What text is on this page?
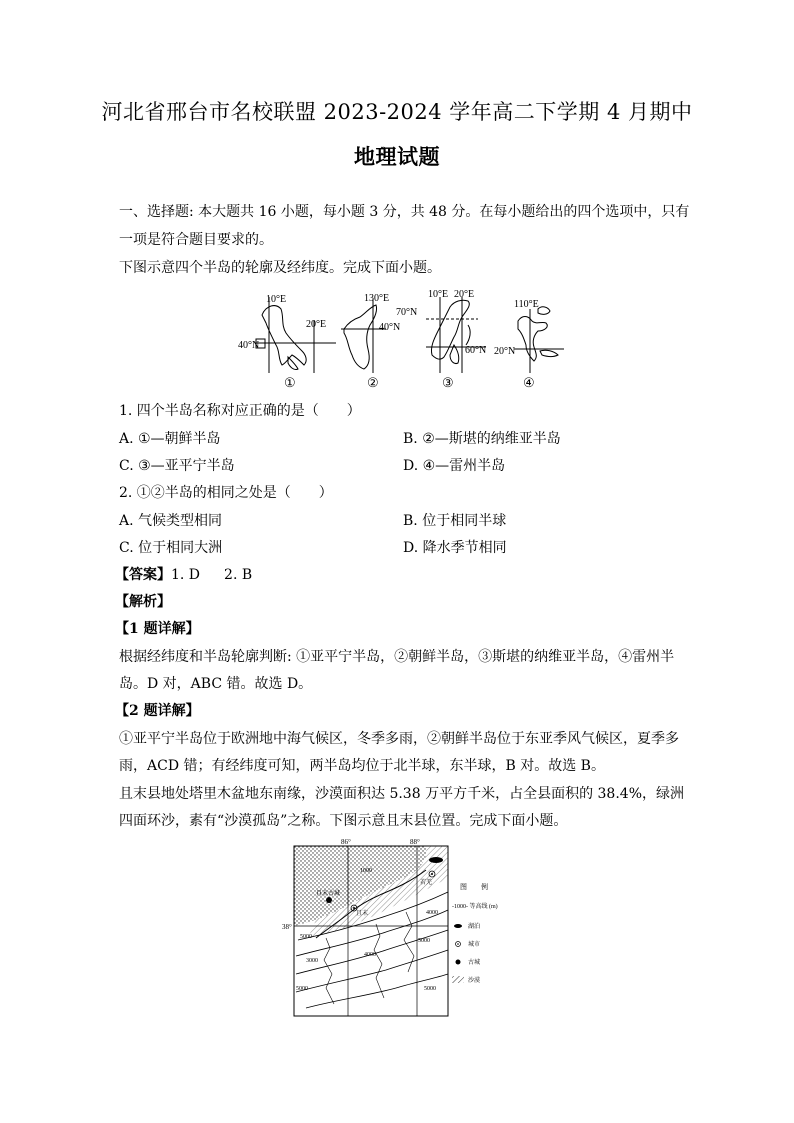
河北省邢台市名校联盟 2023-2024 学年高二下学期 4 月期中
地理试题
一、选择题: 本大题共 16 小题，每小题 3 分，共 48 分。在每小题给出的四个选项中，只有
一项是符合题目要求的。
下图示意四个半岛的轮廓及经纬度。完成下面小题。
10°E
20°E
40°N
①
130°E
40°N
②
10°E 20°E
70°N
60°N
③
110°E
20°N
④
1. 四个半岛名称对应正确的是（　　）
A. ①—朝鲜半岛	B. ②—斯堪的纳维亚半岛
C. ③—亚平宁半岛	D. ④—雷州半岛
2. ①②半岛的相同之处是（　　）
A. 气候类型相同	B. 位于相同半球
C. 位于相同大洲	D. 降水季节相同
【答案】1. D 2. B
【解析】
【1 题详解】
根据经纬度和半岛轮廓判断: ①亚平宁半岛，②朝鲜半岛，③斯堪的纳维亚半岛，④雷州半
岛。D 对，ABC 错。故选 D。
【2 题详解】
①亚平宁半岛位于欧洲地中海气候区，冬季多雨，②朝鲜半岛位于东亚季风气候区，夏季多
雨，ACD 错；有经纬度可知，两半岛均位于北半球，东半球，B 对。故选 B。
且末县地处塔里木盆地东南缘，沙漠面积达 5.38 万平方千米，占全县面积的 38.4%，绿洲
四面环沙，素有“沙漠孤岛”之称。下图示意且末县位置。完成下面小题。
86°	88°
38°
且末古城
且末
若羌
1000
4000
5000
4000
5000
3000
5000	5000
图　　例
-1000- 等高线 (m)
湖泊
城市
古城
沙漠
